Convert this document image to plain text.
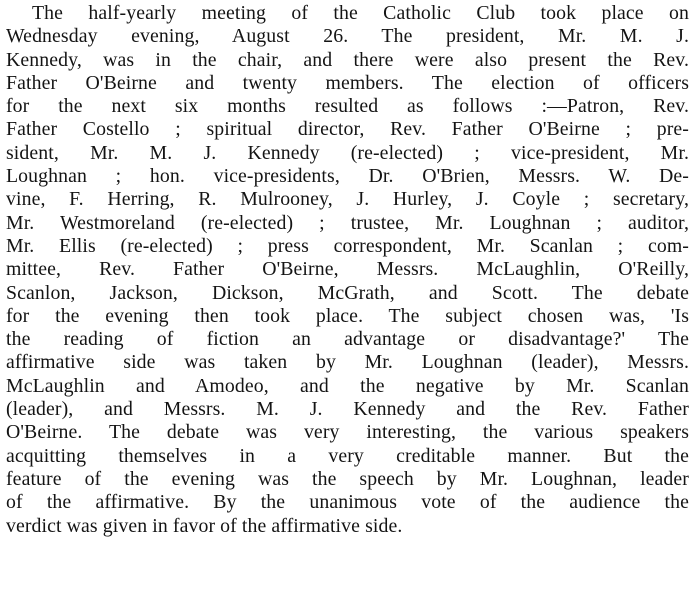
The half-yearly meeting of the Catholic Club took place on
Wednesday evening, August 26. The president, Mr. M. J.
Kennedy, was in the chair, and there were also present the Rev.
Father O'Beirne and twenty members. The election of officers
for the next six months resulted as follows :—Patron, Rev.
Father Costello ; spiritual director, Rev. Father O'Beirne ; pre-
sident, Mr. M. J. Kennedy (re-elected) ; vice-president, Mr.
Loughnan ; hon. vice-presidents, Dr. O'Brien, Messrs. W. De-
vine, F. Herring, R. Mulrooney, J. Hurley, J. Coyle ; secretary,
Mr. Westmoreland (re-elected) ; trustee, Mr. Loughnan ; auditor,
Mr. Ellis (re-elected) ; press correspondent, Mr. Scanlan ; com-
mittee, Rev. Father O'Beirne, Messrs. McLaughlin, O'Reilly,
Scanlon, Jackson, Dickson, McGrath, and Scott. The debate
for the evening then took place. The subject chosen was, 'Is
the reading of fiction an advantage or disadvantage?' The
affirmative side was taken by Mr. Loughnan (leader), Messrs.
McLaughlin and Amodeo, and the negative by Mr. Scanlan
(leader), and Messrs. M. J. Kennedy and the Rev. Father
O'Beirne. The debate was very interesting, the various speakers
acquitting themselves in a very creditable manner. But the
feature of the evening was the speech by Mr. Loughnan, leader
of the affirmative. By the unanimous vote of the audience the
verdict was given in favor of the affirmative side.
